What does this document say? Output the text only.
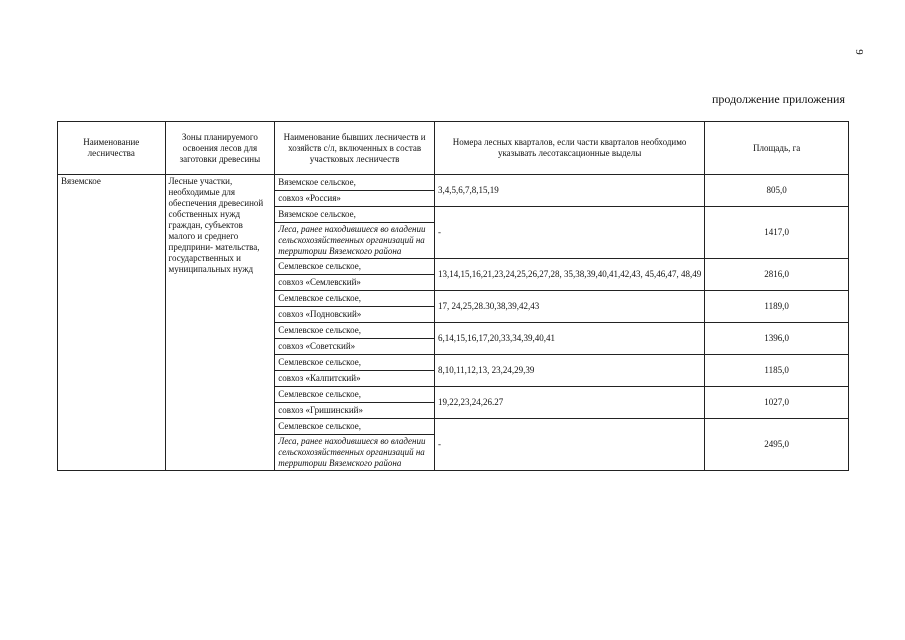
9
продолжение приложения
Наименование лесничества	Зоны планируемого освоения лесов для заготовки древесины	Наименование бывших лесничеств и хозяйств с/л, включенных в состав участковых лесничеств	Номера лесных кварталов, если части кварталов необходимо указывать лесотаксационные выделы	Площадь, га
Вяземское	Лесные участки, необходимые для обеспечения древесиной собственных нужд граждан, субъектов малого и среднего предприни- мательства, государственных и муниципальных нужд	Вяземское сельское,	3,4,5,6,7,8,15,19	805,0
		совхоз «Россия»		
		Вяземское сельское,	-	1417,0
		Леса, ранее находившиеся во владении сельскохозяйственных организаций на территории Вяземского района		
		Семлевское сельское,	13,14,15,16,21,23,24,25,26,27,28, 35,38,39,40,41,42,43, 45,46,47, 48,49	2816,0
		совхоз «Семлевский»		
		Семлевское сельское,	17, 24,25,28.30,38,39,42,43	1189,0
		совхоз «Подновский»		
		Семлевское сельское,	6,14,15,16,17,20,33,34,39,40,41	1396,0
		совхоз «Советский»		
		Семлевское сельское,	8,10,11,12,13, 23,24,29,39	1185,0
		совхоз «Калпитский»		
		Семлевское сельское,	19,22,23,24,26.27	1027,0
		совхоз «Гришинский»		
		Семлевское сельское,	-	2495,0
		Леса, ранее находившиеся во владении сельскохозяйственных организаций на территории Вяземского района		
